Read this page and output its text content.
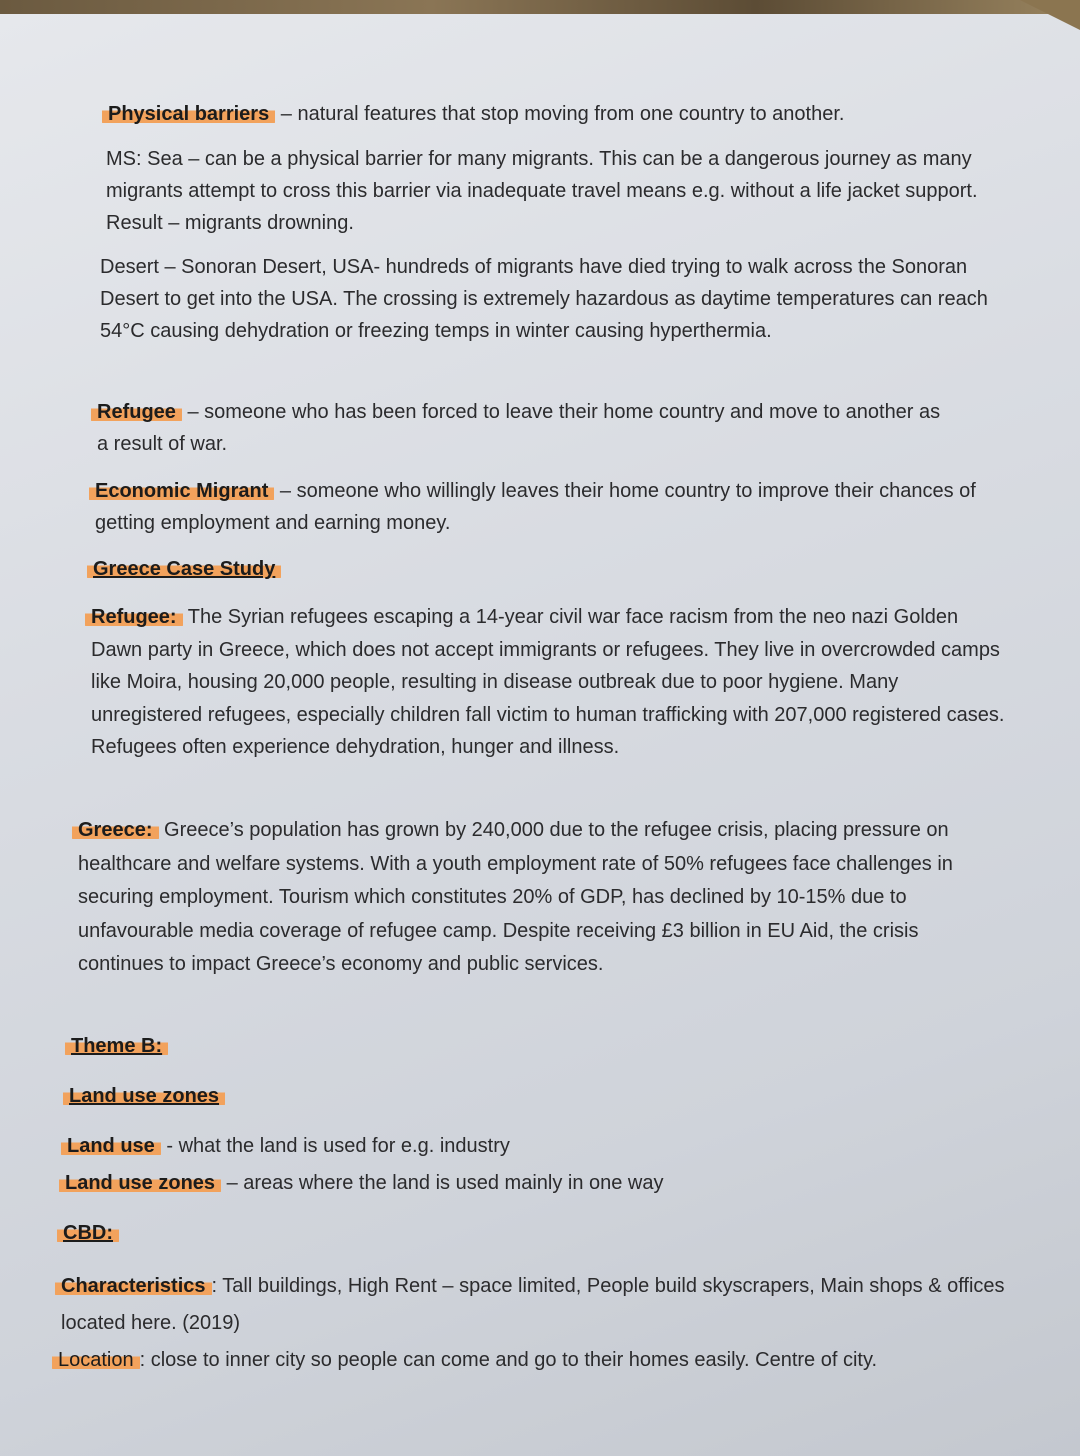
Physical barriers – natural features that stop moving from one country to another.
MS: Sea – can be a physical barrier for many migrants. This can be a dangerous journey as many migrants attempt to cross this barrier via inadequate travel means e.g. without a life jacket support. Result – migrants drowning.
Desert – Sonoran Desert, USA- hundreds of migrants have died trying to walk across the Sonoran Desert to get into the USA. The crossing is extremely hazardous as daytime temperatures can reach 54°C causing dehydration or freezing temps in winter causing hyperthermia.
Refugee – someone who has been forced to leave their home country and move to another as a result of war.
Economic Migrant – someone who willingly leaves their home country to improve their chances of getting employment and earning money.
Greece Case Study
Refugee: The Syrian refugees escaping a 14-year civil war face racism from the neo nazi Golden Dawn party in Greece, which does not accept immigrants or refugees. They live in overcrowded camps like Moira, housing 20,000 people, resulting in disease outbreak due to poor hygiene. Many unregistered refugees, especially children fall victim to human trafficking with 207,000 registered cases. Refugees often experience dehydration, hunger and illness.
Greece: Greece’s population has grown by 240,000 due to the refugee crisis, placing pressure on healthcare and welfare systems. With a youth employment rate of 50% refugees face challenges in securing employment. Tourism which constitutes 20% of GDP, has declined by 10-15% due to unfavourable media coverage of refugee camp. Despite receiving £3 billion in EU Aid, the crisis continues to impact Greece’s economy and public services.
Theme B:
Land use zones
Land use - what the land is used for e.g. industry
Land use zones – areas where the land is used mainly in one way
CBD:
Characteristics : Tall buildings, High Rent – space limited, People build skyscrapers, Main shops & offices located here. (2019)
Location : close to inner city so people can come and go to their homes easily. Centre of city.
